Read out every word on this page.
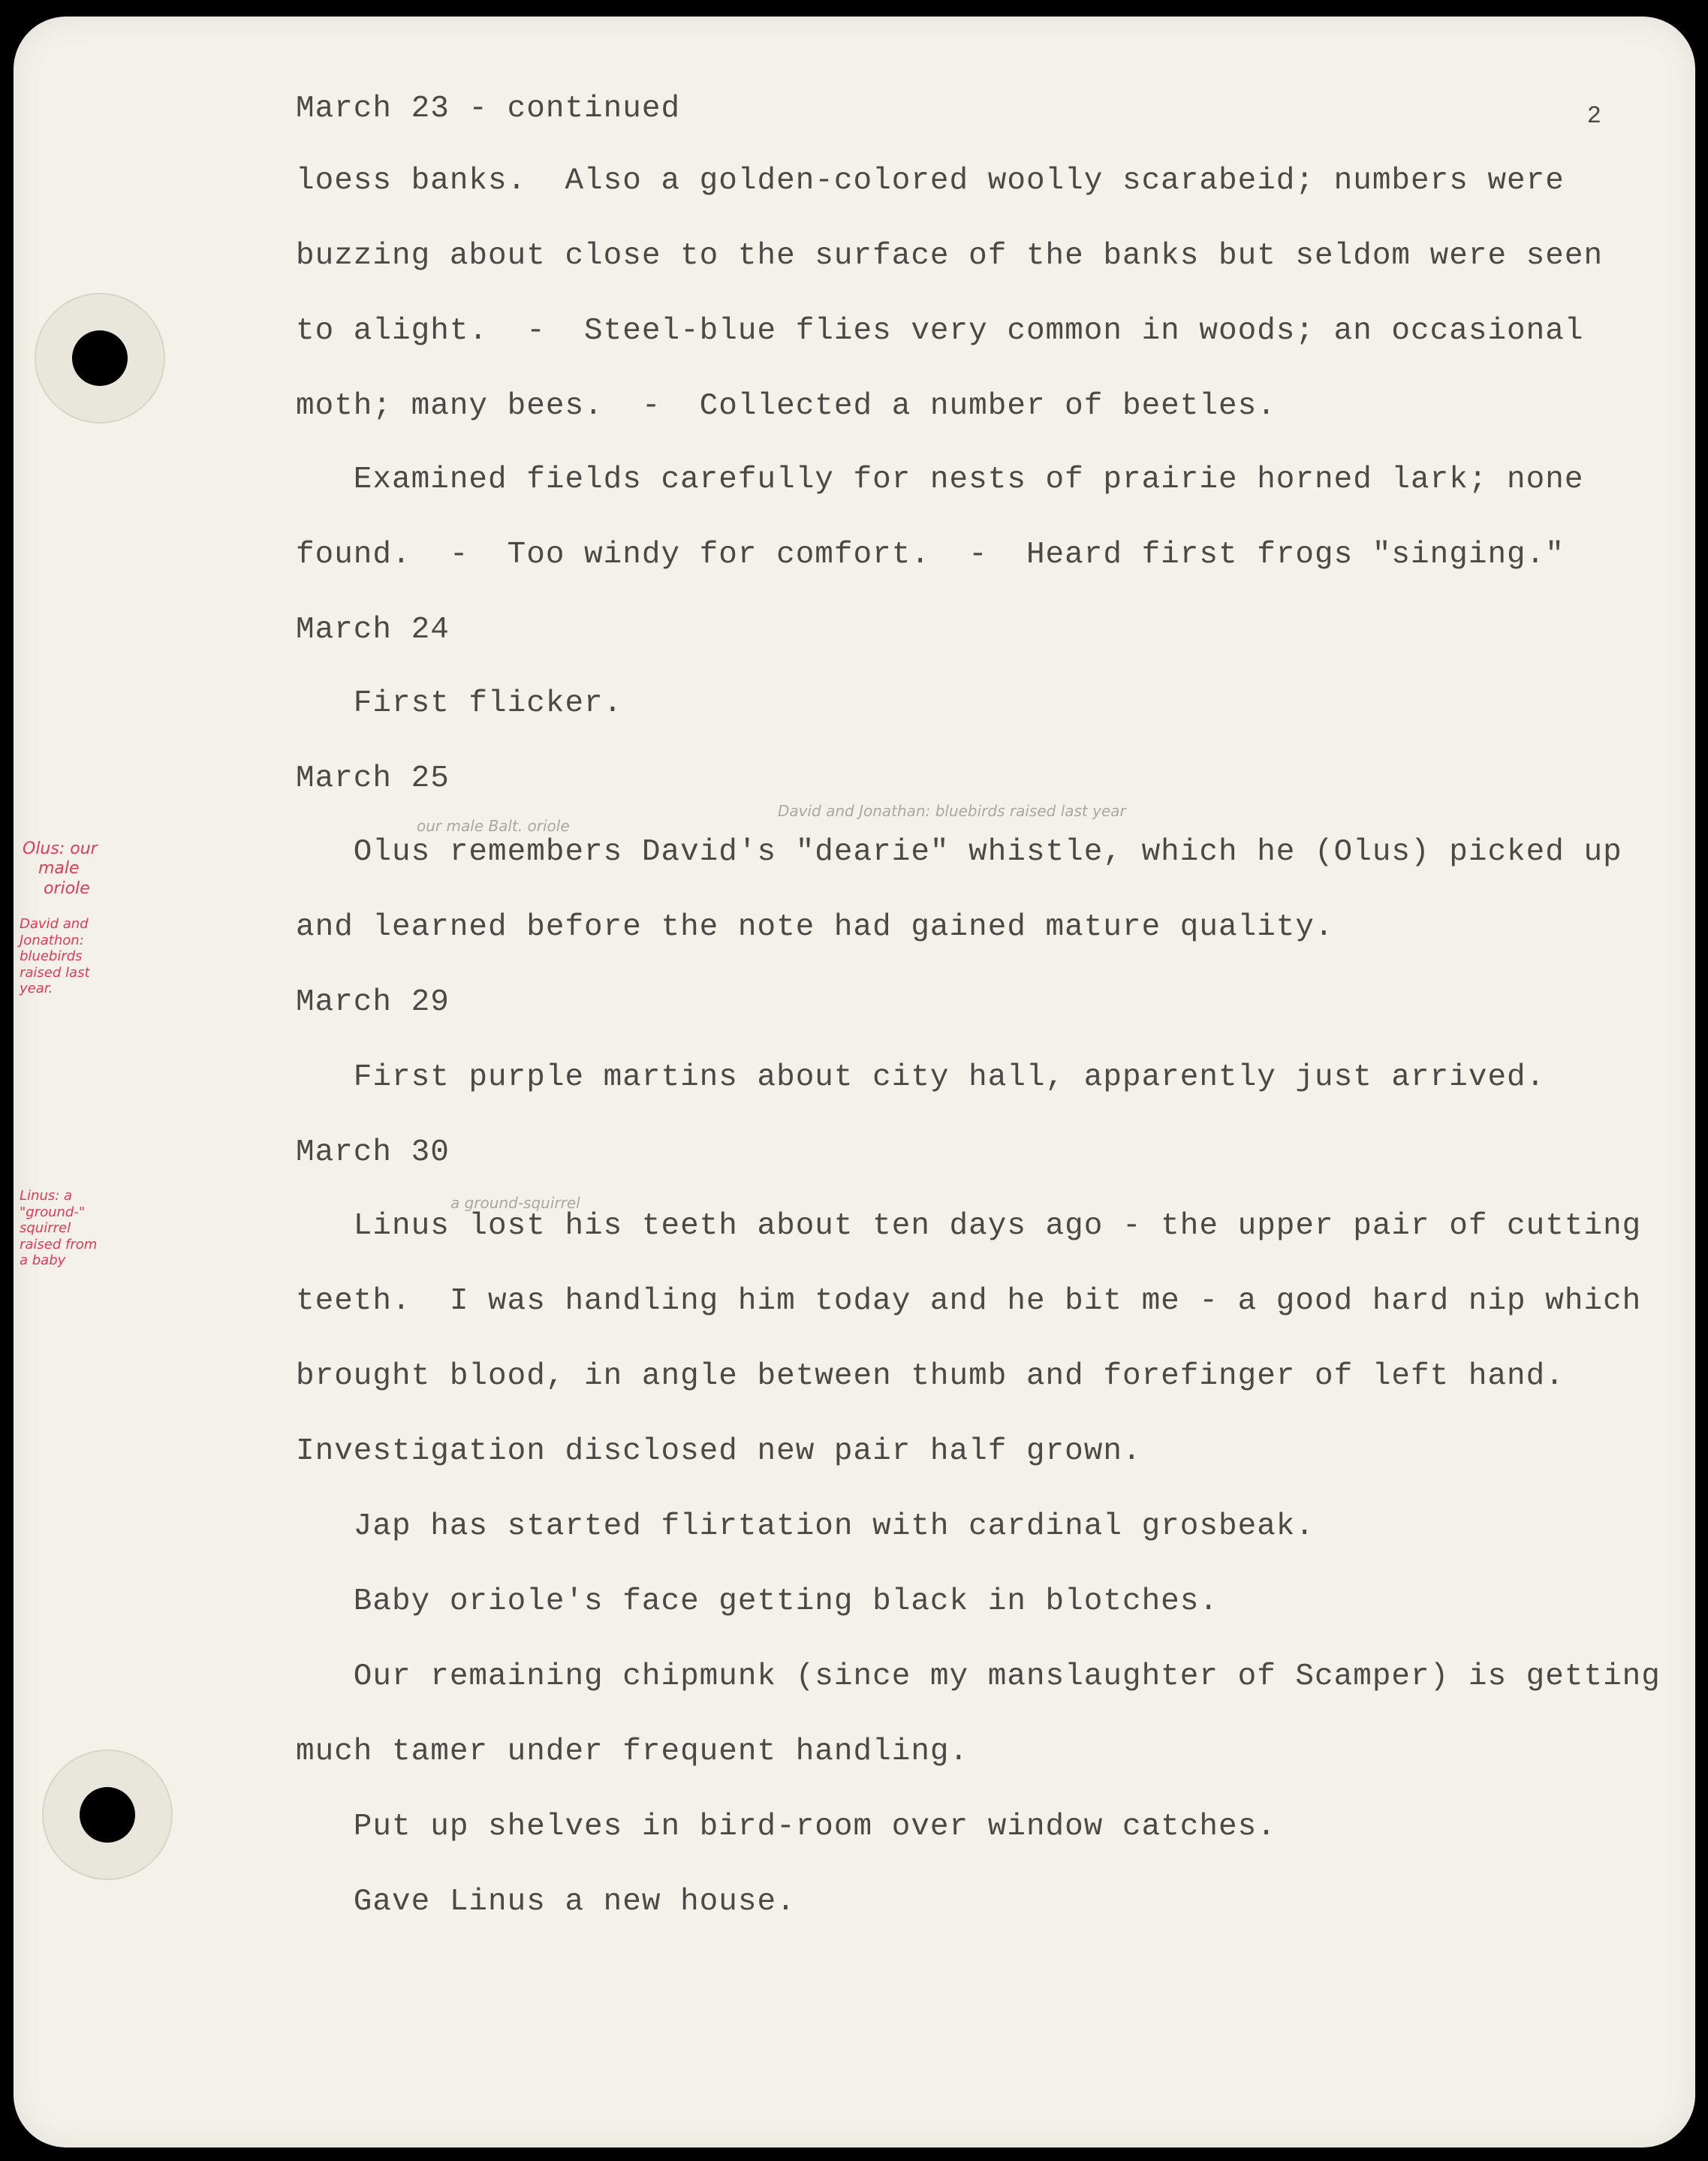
2

March 23 - continued

loess banks.  Also a golden-colored woolly scarabeid; numbers were

buzzing about close to the surface of the banks but seldom were seen

to alight.  -  Steel-blue flies very common in woods; an occasional

moth; many bees.  -  Collected a number of beetles.

Examined fields carefully for nests of prairie horned lark; none

found.  -  Too windy for comfort.  -  Heard first frogs "singing."

March 24

First flicker.

March 25

Olus remembers David's "dearie" whistle, which he (Olus) picked up

and learned before the note had gained mature quality.

March 29

First purple martins about city hall, apparently just arrived.

March 30

Linus lost his teeth about ten days ago - the upper pair of cutting

teeth.  I was handling him today and he bit me - a good hard nip which

brought blood, in angle between thumb and forefinger of left hand.

Investigation disclosed new pair half grown.

Jap has started flirtation with cardinal grosbeak.

Baby oriole's face getting black in blotches.

Our remaining chipmunk (since my manslaughter of Scamper) is getting

much tamer under frequent handling.

Put up shelves in bird-room over window catches.

Gave Linus a new house.

our male Balt. oriole

David and Jonathan: bluebirds raised last year

a ground-squirrel

Olus: our
male
oriole

David and
Jonathon:
bluebirds
raised last
year.

Linus: a
"ground-"
squirrel
raised from
a baby
